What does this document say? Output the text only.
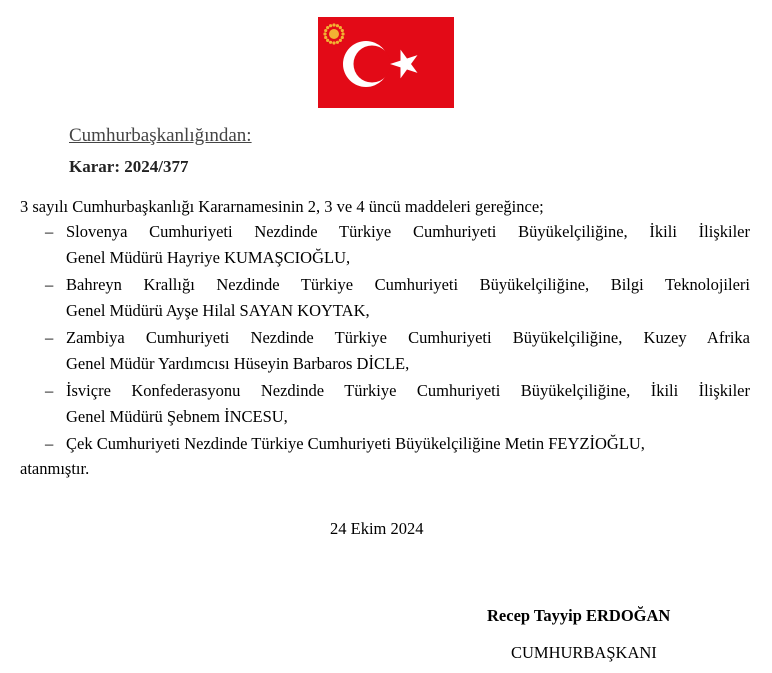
Cumhurbaşkanlığından:
Karar: 2024/377
3 sayılı Cumhurbaşkanlığı Kararnamesinin 2, 3 ve 4 üncü maddeleri gereğince;
– Slovenya Cumhuriyeti Nezdinde Türkiye Cumhuriyeti Büyükelçiliğine, İkili İlişkiler
Genel Müdürü Hayriye KUMAŞCIOĞLU,
– Bahreyn Krallığı Nezdinde Türkiye Cumhuriyeti Büyükelçiliğine, Bilgi Teknolojileri
Genel Müdürü Ayşe Hilal SAYAN KOYTAK,
– Zambiya Cumhuriyeti Nezdinde Türkiye Cumhuriyeti Büyükelçiliğine, Kuzey Afrika
Genel Müdür Yardımcısı Hüseyin Barbaros DİCLE,
– İsviçre Konfederasyonu Nezdinde Türkiye Cumhuriyeti Büyükelçiliğine, İkili İlişkiler
Genel Müdürü Şebnem İNCESU,
– Çek Cumhuriyeti Nezdinde Türkiye Cumhuriyeti Büyükelçiliğine Metin FEYZİOĞLU,
atanmıştır.
24 Ekim 2024
Recep Tayyip ERDOĞAN
CUMHURBAŞKANI
